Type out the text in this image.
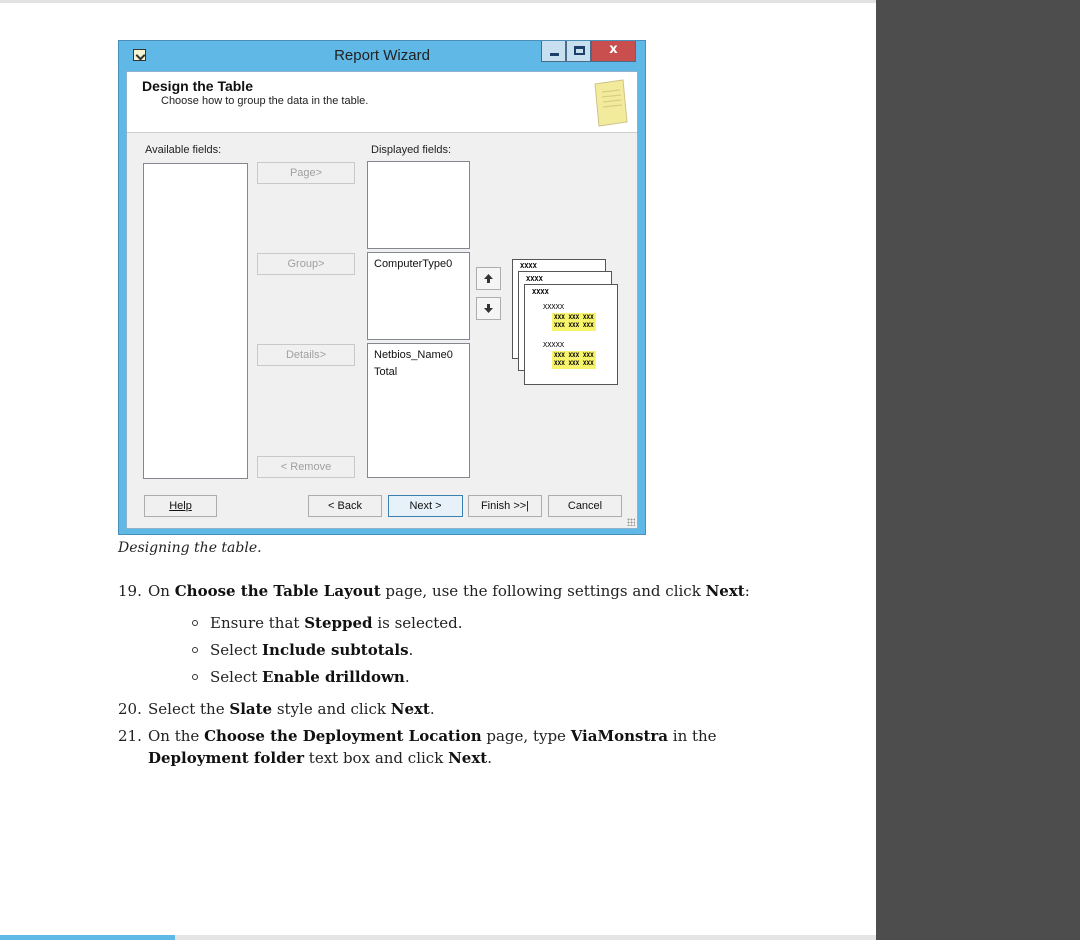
Report Wizard	x
Design the Table
Choose how to group the data in the table.
Available fields:	Displayed fields:
Page>
Group>
Details>
< Remove
ComputerType0
Netbios_Name0
Total
XXXX
XXXX
XXXX
XXXXX
XXX XXX XXX
XXX XXX XXX
XXXXX
XXX XXX XXX
XXX XXX XXX
Help	< Back	Next >	Finish >>|	Cancel
Designing the table.
19. On Choose the Table Layout page, use the following settings and click Next:
Ensure that Stepped is selected.
Select Include subtotals.
Select Enable drilldown.
20. Select the Slate style and click Next.
21. On the Choose the Deployment Location page, type ViaMonstra in the Deployment folder text box and click Next.
